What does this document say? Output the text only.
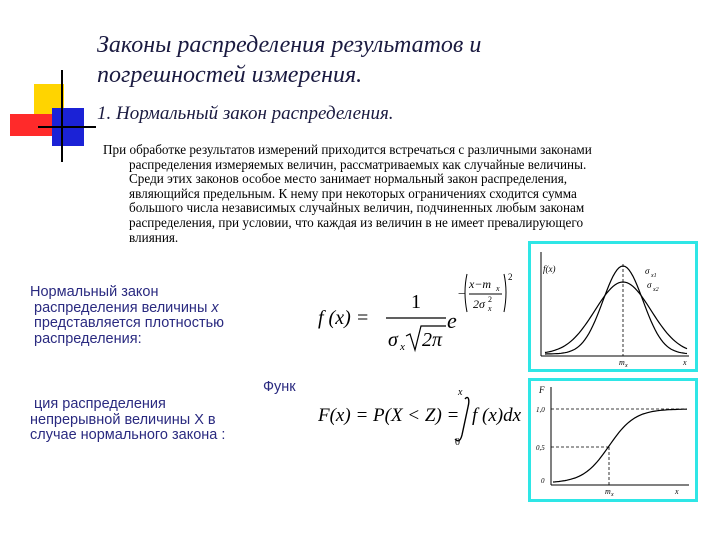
Законы распределения результатов и погрешностей измерения.
1. Нормальный закон распределения.
При обработке результатов измерений приходится встречаться с различными законами
распределения измеряемых величин, рассматриваемых как случайные величины.
Среди этих законов особое место занимает нормальный закон распределения,
являющийся предельным. К нему при некоторых ограничениях сходится сумма
большого числа независимых случайных величин, подчиненных любым законам
распределения, при условии, что каждая из величин в не имеет превалирующего
влияния.
Нормальный закон
распределения величины x
представляется плотностью
распределения:
Функ
ция распределения
непрерывной величины X в
случае нормального закона :
f (x) =
1
σ x 2π
e
−
x−m x
2σ 2
x
2
F(x) = P(X < Z) =
x
0
f (x)dx
f(x)	σ x1
σ x2
m x	x
F
1,0
0,5
0
m x	x
